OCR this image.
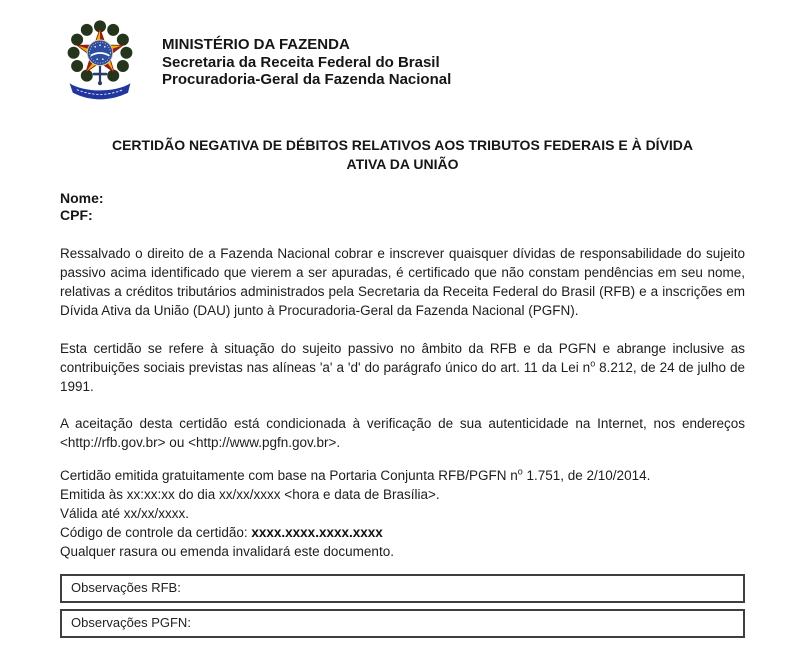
MINISTÉRIO DA FAZENDA
Secretaria da Receita Federal do Brasil
Procuradoria-Geral da Fazenda Nacional
CERTIDÃO NEGATIVA DE DÉBITOS RELATIVOS AOS TRIBUTOS FEDERAIS E À DÍVIDA
ATIVA DA UNIÃO
Nome:
CPF:

Ressalvado o direito de a Fazenda Nacional cobrar e inscrever quaisquer dívidas de responsabilidade do sujeito passivo acima identificado que vierem a ser apuradas, é certificado que não constam pendências em seu nome, relativas a créditos tributários administrados pela Secretaria da Receita Federal do Brasil (RFB) e a inscrições em Dívida Ativa da União (DAU) junto à Procuradoria-Geral da Fazenda Nacional (PGFN).

Esta certidão se refere à situação do sujeito passivo no âmbito da RFB e da PGFN e abrange inclusive as contribuições sociais previstas nas alíneas 'a' a 'd' do parágrafo único do art. 11 da Lei $n^o$ 8.212, de 24 de julho de 1991.

A aceitação desta certidão está condicionada à verificação de sua autenticidade na Internet, nos endereços <http://rfb.gov.br> ou <http://www.pgfn.gov.br>.

Certidão emitida gratuitamente com base na Portaria Conjunta RFB/PGFN $n^o$ 1.751, de 2/10/2014.

Emitida às xx:xx:xx do dia xx/xx/xxxx <hora e data de Brasília>.

Válida até xx/xx/xxxx.

Código de controle da certidão: xxxx.xxxx.xxxx.xxxx

Qualquer rasura ou emenda invalidará este documento.

Observações RFB:
Observações PGFN:
